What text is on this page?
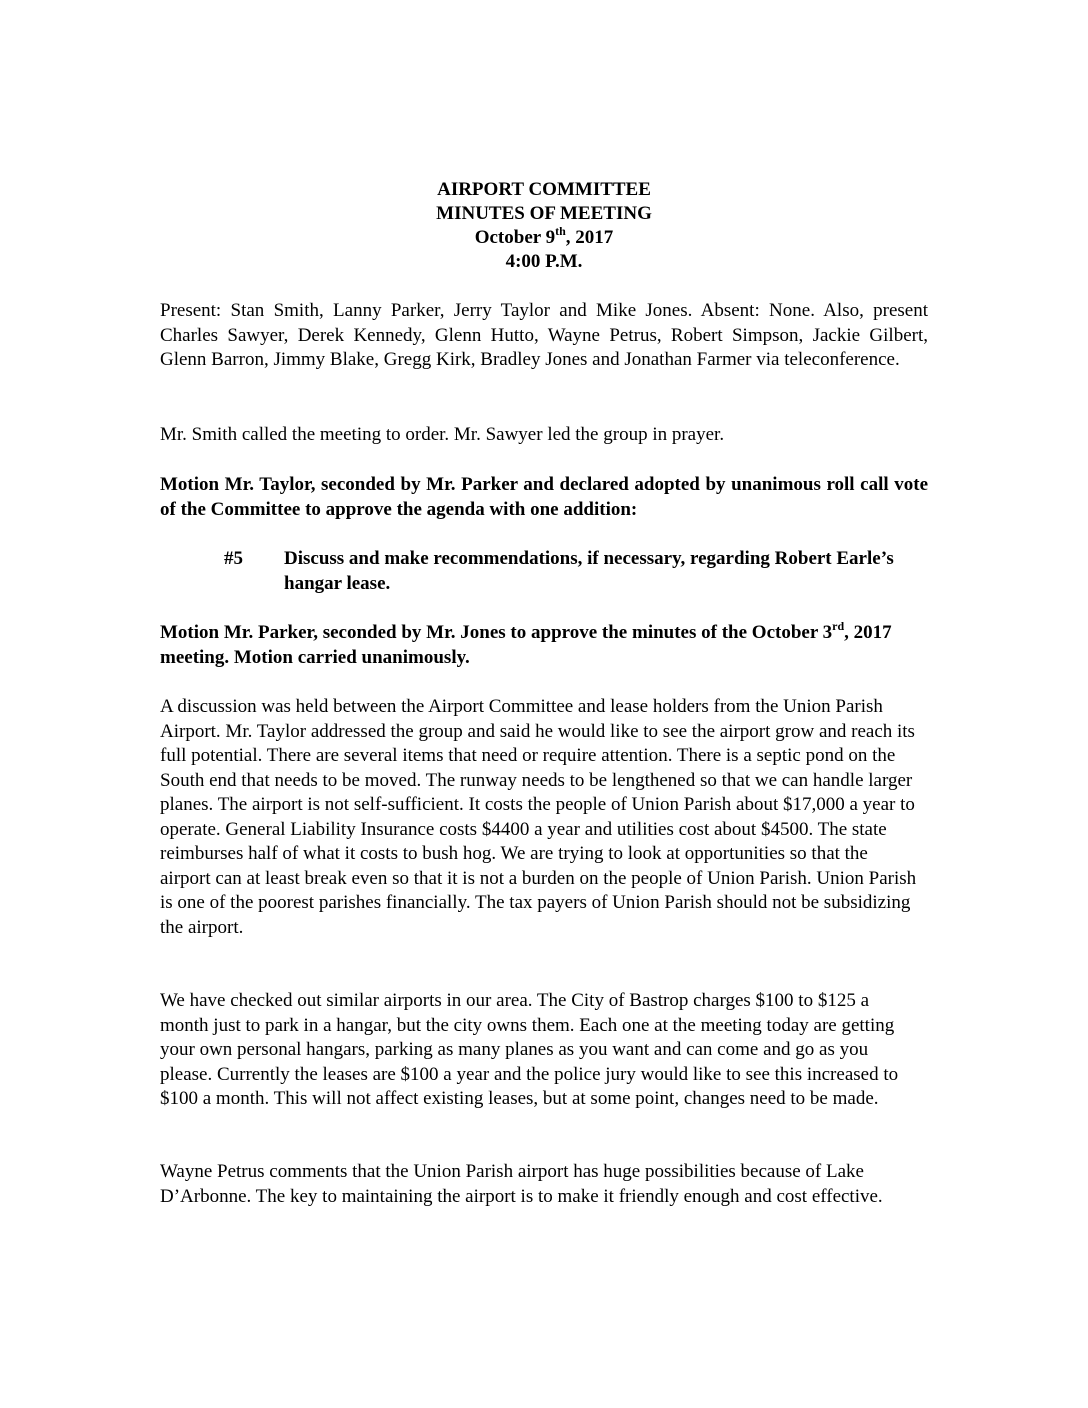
AIRPORT COMMITTEE
MINUTES OF MEETING
October 9th, 2017
4:00 P.M.

Present: Stan Smith, Lanny Parker, Jerry Taylor and Mike Jones. Absent: None. Also, present Charles Sawyer, Derek Kennedy, Glenn Hutto, Wayne Petrus, Robert Simpson, Jackie Gilbert, Glenn Barron, Jimmy Blake, Gregg Kirk, Bradley Jones and Jonathan Farmer via teleconference.

Mr. Smith called the meeting to order. Mr. Sawyer led the group in prayer.

Motion Mr. Taylor, seconded by Mr. Parker and declared adopted by unanimous roll call vote of the Committee to approve the agenda with one addition:

#5 Discuss and make recommendations, if necessary, regarding Robert Earle’s hangar lease.

Motion Mr. Parker, seconded by Mr. Jones to approve the minutes of the October 3rd, 2017 meeting. Motion carried unanimously.

A discussion was held between the Airport Committee and lease holders from the Union Parish Airport. Mr. Taylor addressed the group and said he would like to see the airport grow and reach its full potential. There are several items that need or require attention. There is a septic pond on the South end that needs to be moved. The runway needs to be lengthened so that we can handle larger planes. The airport is not self-sufficient. It costs the people of Union Parish about $17,000 a year to operate. General Liability Insurance costs $4400 a year and utilities cost about $4500. The state reimburses half of what it costs to bush hog. We are trying to look at opportunities so that the airport can at least break even so that it is not a burden on the people of Union Parish. Union Parish is one of the poorest parishes financially. The tax payers of Union Parish should not be subsidizing the airport.

We have checked out similar airports in our area. The City of Bastrop charges $100 to $125 a month just to park in a hangar, but the city owns them. Each one at the meeting today are getting your own personal hangars, parking as many planes as you want and can come and go as you please. Currently the leases are $100 a year and the police jury would like to see this increased to $100 a month. This will not affect existing leases, but at some point, changes need to be made.

Wayne Petrus comments that the Union Parish airport has huge possibilities because of Lake D’Arbonne. The key to maintaining the airport is to make it friendly enough and cost effective.
